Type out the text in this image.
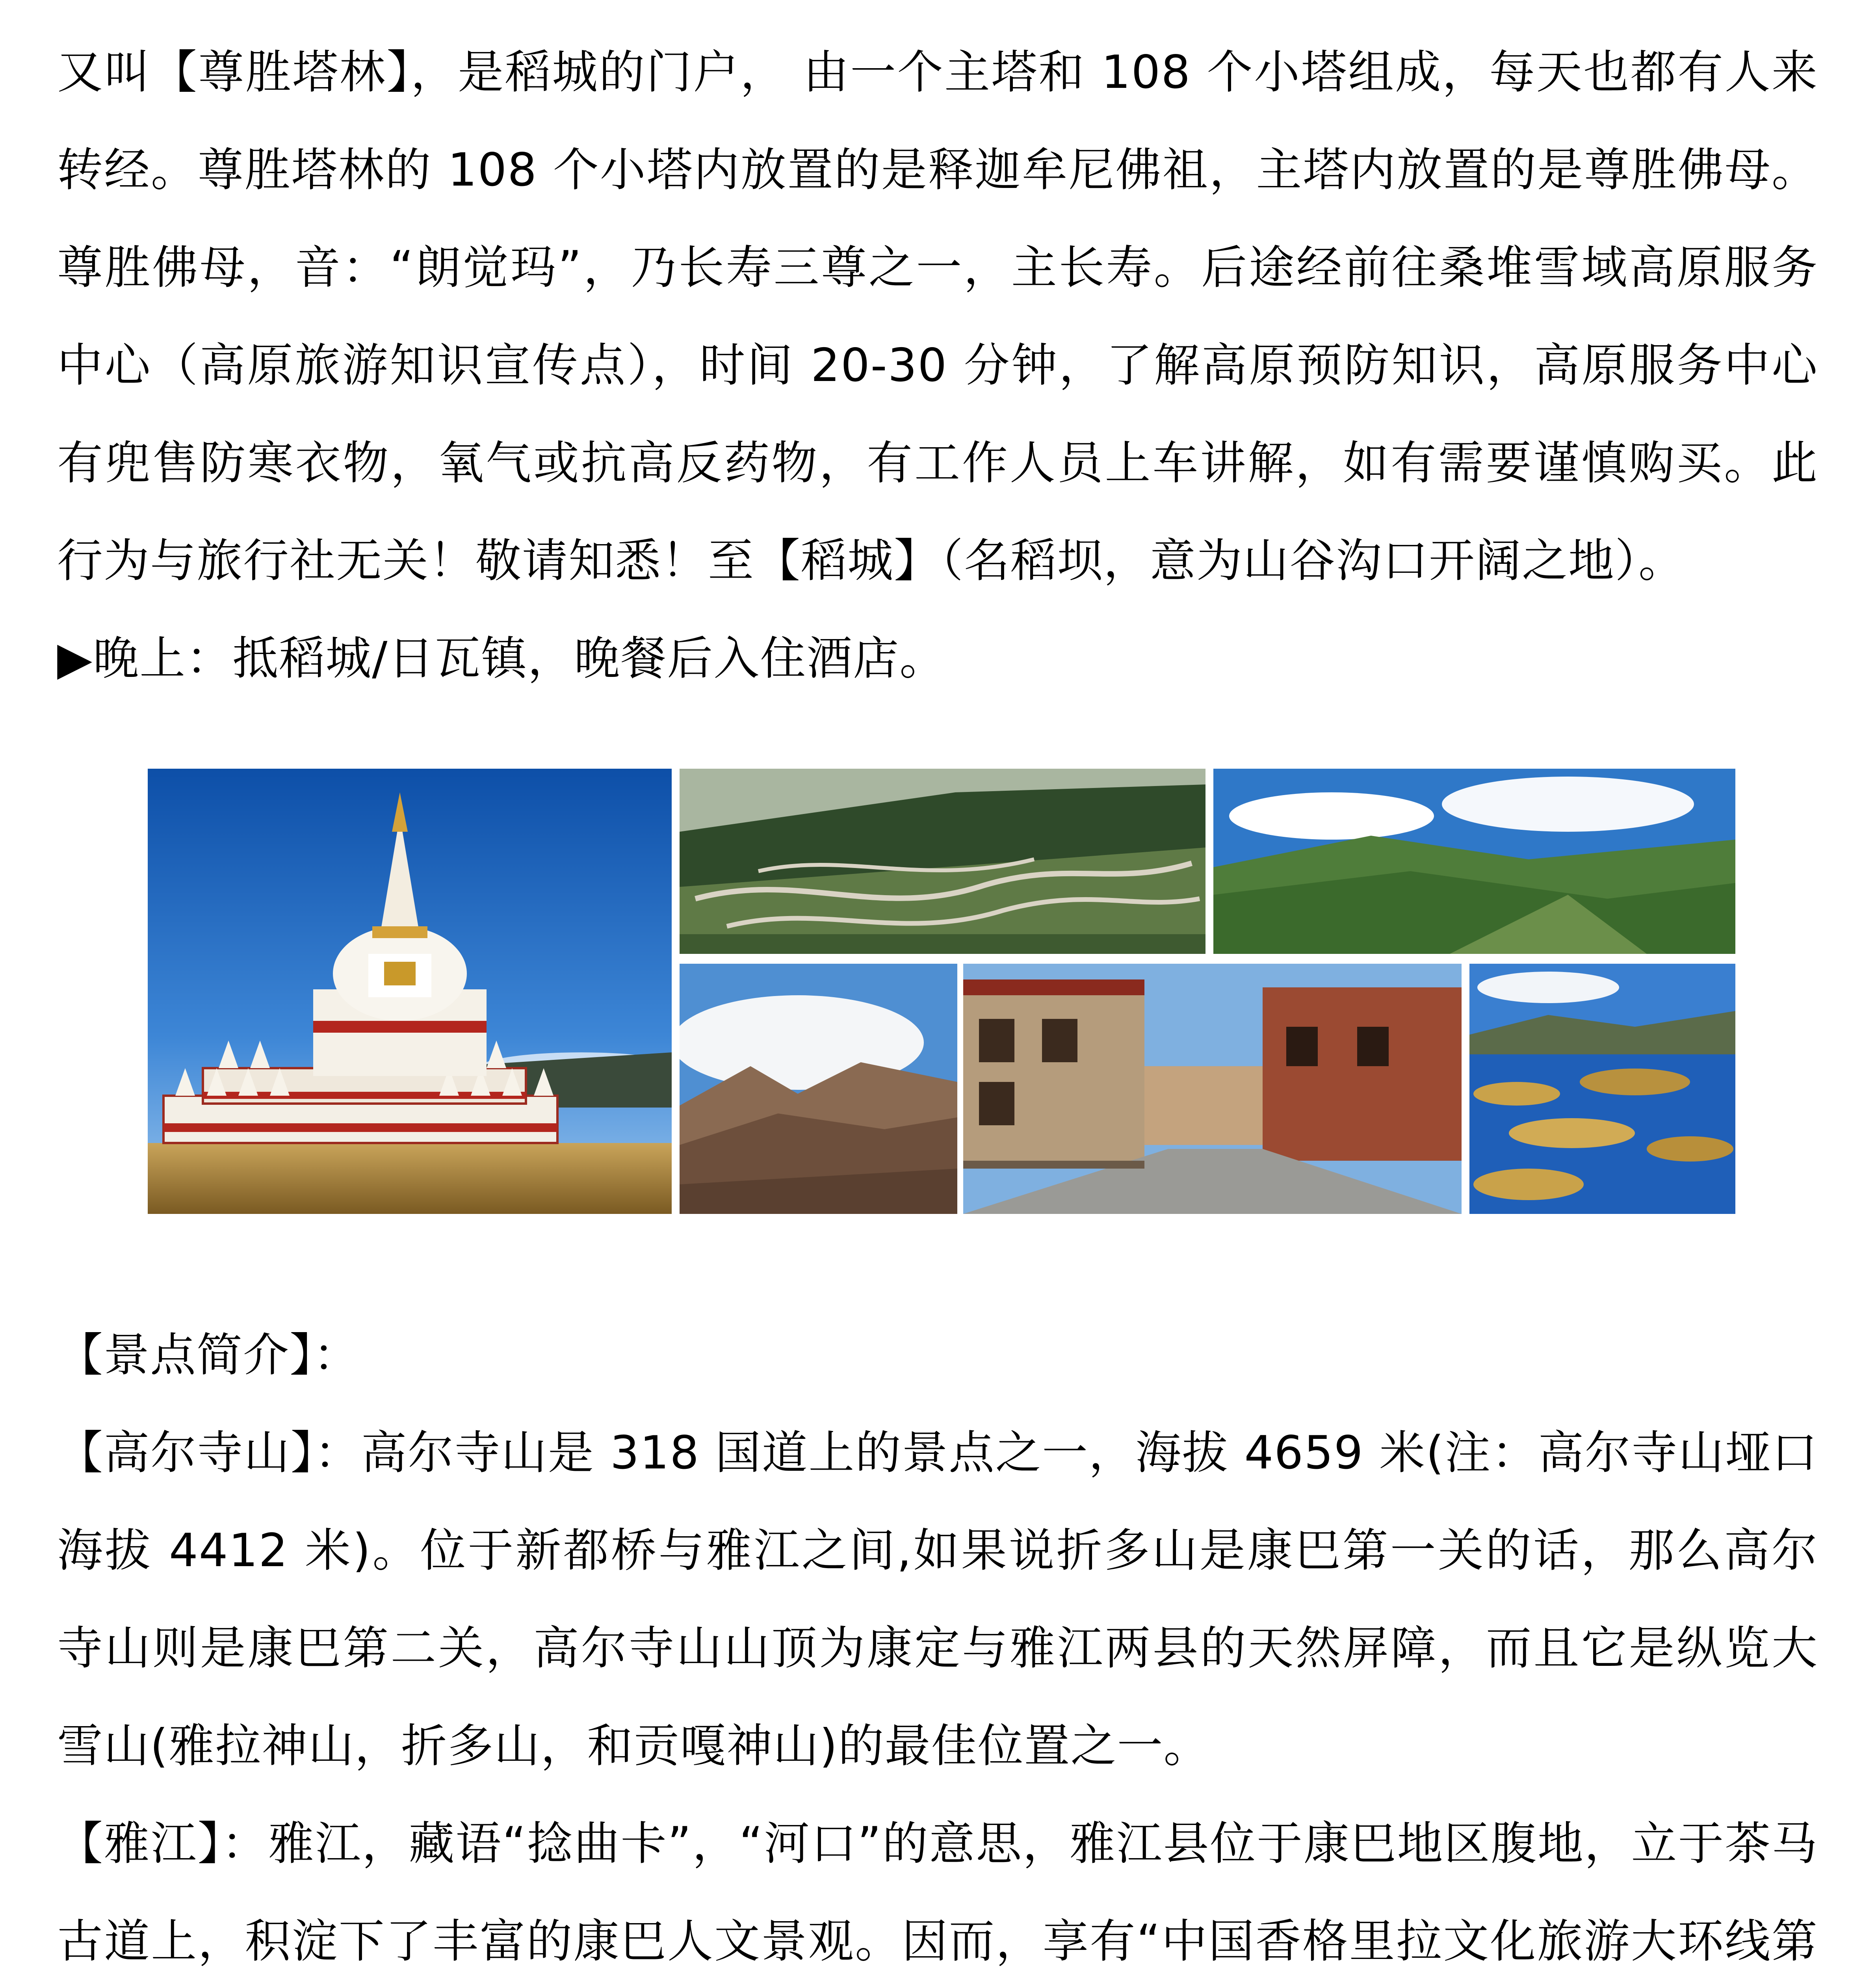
又叫【尊胜塔林】，是稻城的门户， 由一个主塔和 108 个小塔组成，每天也都有人来转经。尊胜塔林的 108 个小塔内放置的是释迦牟尼佛祖，主塔内放置的是尊胜佛母。尊胜佛母，音：“朗觉玛”，乃长寿三尊之一，主长寿。后途经前往桑堆雪域高原服务中心（高原旅游知识宣传点），时间 20-30 分钟，了解高原预防知识，高原服务中心有兜售防寒衣物，氧气或抗高反药物，有工作人员上车讲解，如有需要谨慎购买。此行为与旅行社无关！敬请知悉！至【稻城】（名稻坝，意为山谷沟口开阔之地）。

▶晚上：抵稻城/日瓦镇，晚餐后入住酒店。

【景点简介】：

【高尔寺山】：高尔寺山是 318 国道上的景点之一，海拔 4659 米(注：高尔寺山垭口海拔 4412 米)。位于新都桥与雅江之间,如果说折多山是康巴第一关的话，那么高尔寺山则是康巴第二关，高尔寺山山顶为康定与雅江两县的天然屏障，而且它是纵览大雪山(雅拉神山，折多山，和贡嘎神山)的最佳位置之一。

【雅江】：雅江，藏语“捻曲卡”，“河口”的意思，雅江县位于康巴地区腹地，立于茶马古道上，积淀下了丰富的康巴人文景观。因而，享有“中国香格里拉文化旅游大环线第
